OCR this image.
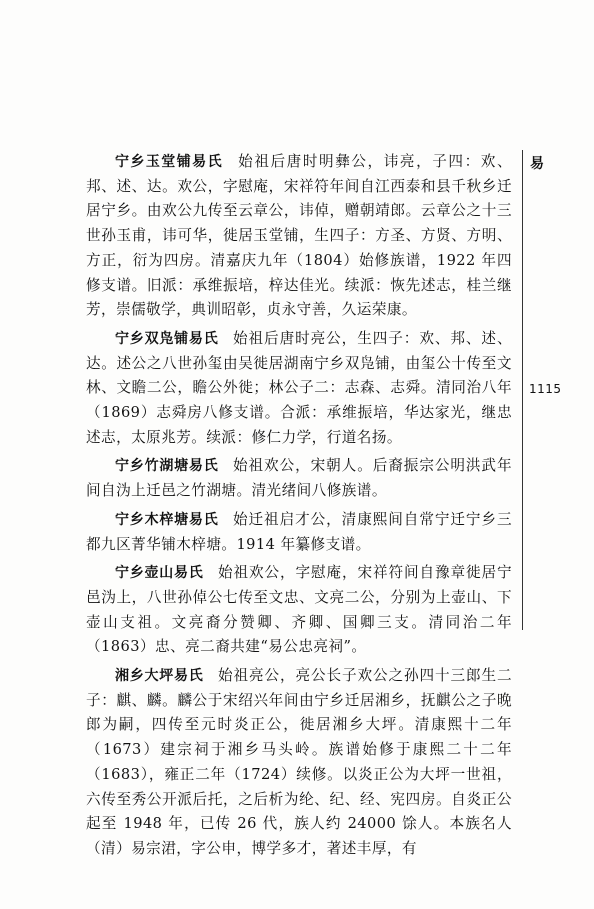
宁乡玉堂铺易氏 始祖后唐时明彝公，讳亮，子四：欢、邦、述、达。欢公，字慰庵，宋祥符年间自江西泰和县千秋乡迁居宁乡。由欢公九传至云章公，讳倬，赠朝靖郎。云章公之十三世孙玉甫，讳可华，徙居玉堂铺，生四子：方圣、方贤、方明、方正，衍为四房。清嘉庆九年（1804）始修族谱，1922 年四修支谱。旧派：承维振培，梓达佳光。续派：恢先述志，桂兰继芳，崇儒敬学，典训昭彰，贞永守善，久运荣康。

宁乡双凫铺易氏 始祖后唐时亮公，生四子：欢、邦、述、达。述公之八世孙玺由吴徙居湖南宁乡双凫铺，由玺公十传至文林、文瞻二公，瞻公外徙；林公子二：志森、志舜。清同治八年（1869）志舜房八修支谱。合派：承维振培，华达家光，继忠述志，太原兆芳。续派：修仁力学，行道名扬。

宁乡竹湖塘易氏 始祖欢公，宋朝人。后裔振宗公明洪武年间自沩上迁邑之竹湖塘。清光绪间八修族谱。

宁乡木梓塘易氏 始迁祖启才公，清康熙间自常宁迁宁乡三都九区菁华铺木梓塘。1914 年纂修支谱。

宁乡壶山易氏 始祖欢公，字慰庵，宋祥符间自豫章徙居宁邑沩上，八世孙倬公七传至文忠、文亮二公，分别为上壶山、下壶山支祖。文亮裔分赞卿、齐卿、国卿三支。清同治二年（1863）忠、亮二裔共建“易公忠亮祠”。

湘乡大坪易氏 始祖亮公，亮公长子欢公之孙四十三郎生二子：麒、麟。麟公于宋绍兴年间由宁乡迁居湘乡，抚麒公之子晚郎为嗣，四传至元时炎正公，徙居湘乡大坪。清康熙十二年（1673）建宗祠于湘乡马头岭。族谱始修于康熙二十二年（1683），雍正二年（1724）续修。以炎正公为大坪一世祖，六传至秀公开派后托，之后析为纶、纪、经、宪四房。自炎正公起至 1948 年，已传 26 代，族人约 24000 馀人。本族名人（清）易宗涒，字公申，博学多才，著述丰厚，有

易
1115
